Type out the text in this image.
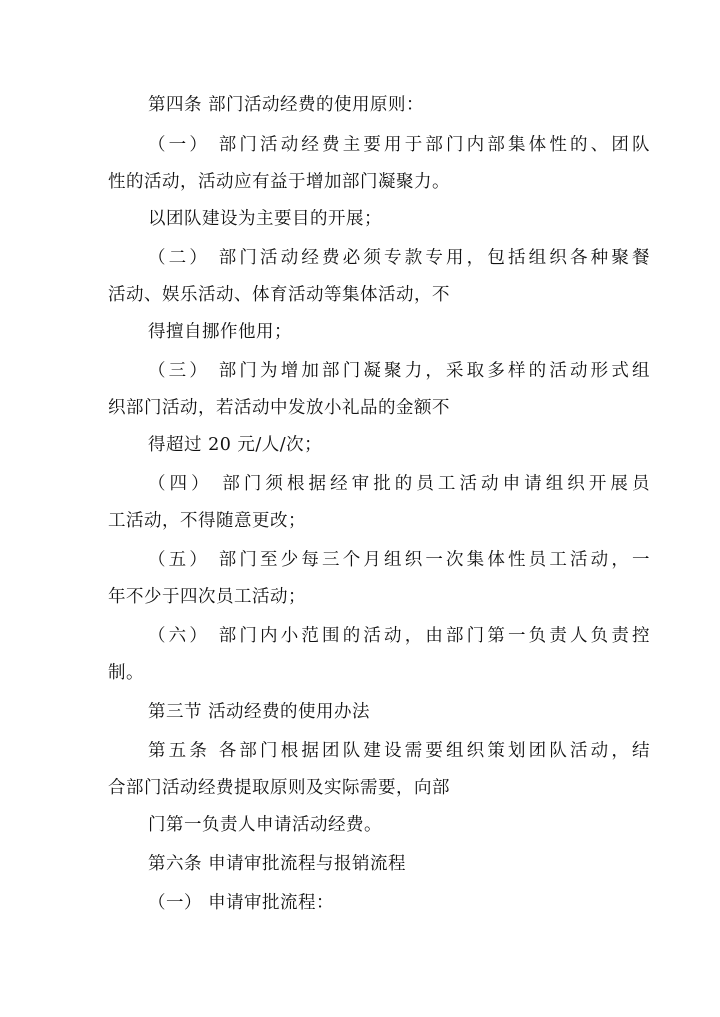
第四条 部门活动经费的使用原则：
（一） 部门活动经费主要用于部门内部集体性的、团队
性的活动，活动应有益于增加部门凝聚力。
以团队建设为主要目的开展；
（二） 部门活动经费必须专款专用，包括组织各种聚餐
活动、娱乐活动、体育活动等集体活动，不
得擅自挪作他用；
（三） 部门为增加部门凝聚力，采取多样的活动形式组
织部门活动，若活动中发放小礼品的金额不
得超过 20 元/人/次；
（四） 部门须根据经审批的员工活动申请组织开展员
工活动，不得随意更改；
（五） 部门至少每三个月组织一次集体性员工活动，一
年不少于四次员工活动；
（六） 部门内小范围的活动，由部门第一负责人负责控
制。
第三节 活动经费的使用办法
第五条 各部门根据团队建设需要组织策划团队活动，结
合部门活动经费提取原则及实际需要，向部
门第一负责人申请活动经费。
第六条 申请审批流程与报销流程
（一） 申请审批流程：
